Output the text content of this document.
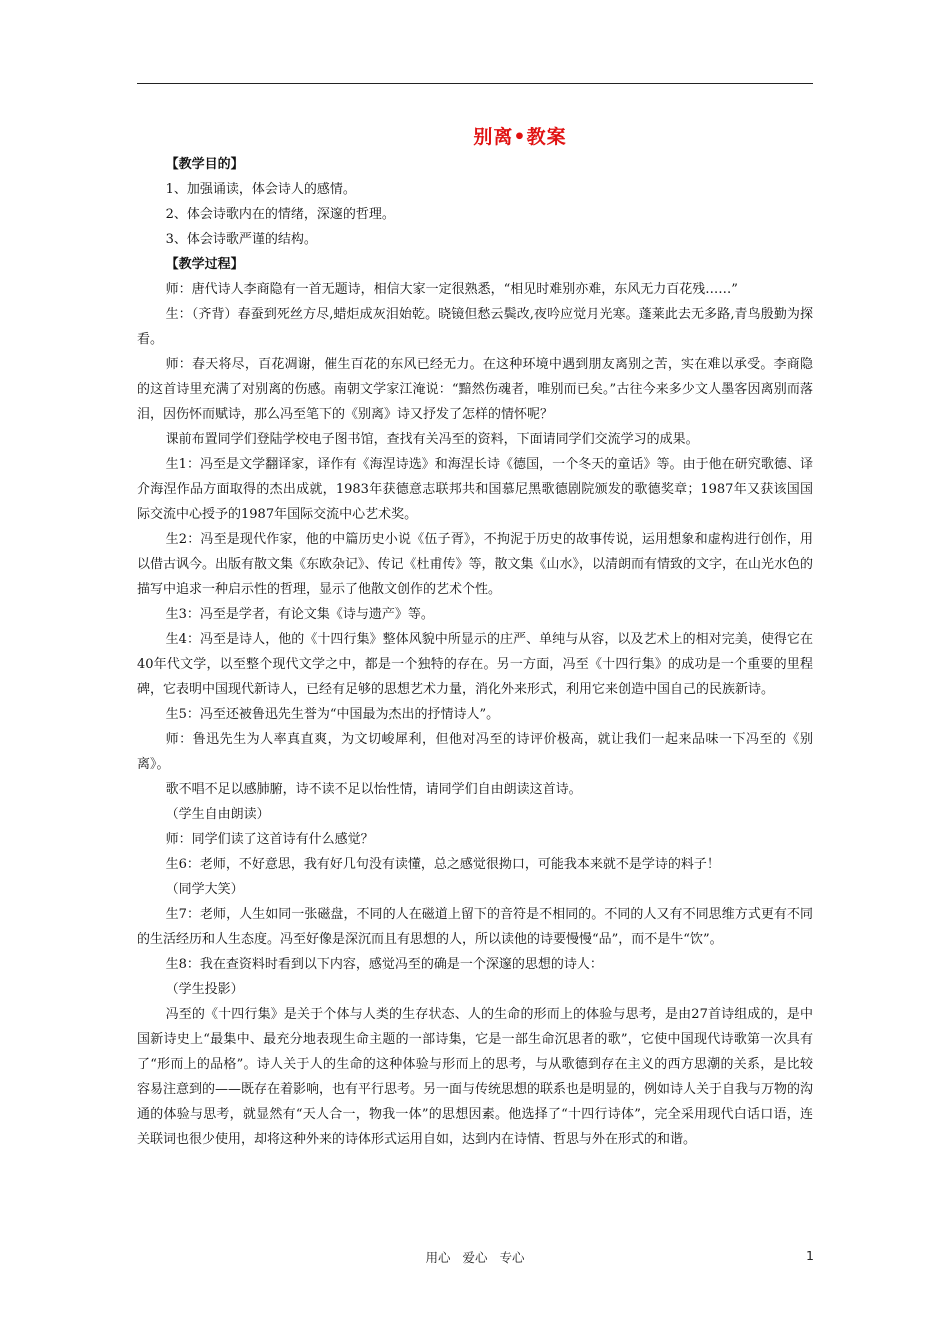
别离•教案

【教学目的】

1、加强诵读，体会诗人的感情。

2、体会诗歌内在的情绪，深邃的哲理。

3、体会诗歌严谨的结构。

【教学过程】

师：唐代诗人李商隐有一首无题诗，相信大家一定很熟悉，“相见时难别亦难，东风无力百花残……”

生：（齐背）春蚕到死丝方尽,蜡炬成灰泪始乾。晓镜但愁云鬓改,夜吟应觉月光寒。蓬莱此去无多路,青鸟殷勤为探看。

师：春天将尽，百花凋谢，催生百花的东风已经无力。在这种环境中遇到朋友离别之苦，实在难以承受。李商隐的这首诗里充满了对别离的伤感。南朝文学家江淹说：“黯然伤魂者，唯别而已矣。”古往今来多少文人墨客因离别而落泪，因伤怀而赋诗，那么冯至笔下的《别离》诗又抒发了怎样的情怀呢？

课前布置同学们登陆学校电子图书馆，查找有关冯至的资料，下面请同学们交流学习的成果。

生1：冯至是文学翻译家，译作有《海涅诗选》和海涅长诗《德国，一个冬天的童话》等。由于他在研究歌德、译介海涅作品方面取得的杰出成就，1983年获德意志联邦共和国慕尼黑歌德剧院颁发的歌德奖章；1987年又获该国国际交流中心授予的1987年国际交流中心艺术奖。

生2：冯至是现代作家，他的中篇历史小说《伍子胥》，不拘泥于历史的故事传说，运用想象和虚构进行创作，用以借古讽今。出版有散文集《东欧杂记》、传记《杜甫传》等，散文集《山水》，以清朗而有情致的文字，在山光水色的描写中追求一种启示性的哲理，显示了他散文创作的艺术个性。

生3：冯至是学者，有论文集《诗与遗产》等。

生4：冯至是诗人，他的《十四行集》整体风貌中所显示的庄严、单纯与从容，以及艺术上的相对完美，使得它在40年代文学，以至整个现代文学之中，都是一个独特的存在。另一方面，冯至《十四行集》的成功是一个重要的里程碑，它表明中国现代新诗人，已经有足够的思想艺术力量，消化外来形式，利用它来创造中国自己的民族新诗。

生5：冯至还被鲁迅先生誉为“中国最为杰出的抒情诗人”。

师：鲁迅先生为人率真直爽，为文切峻犀利，但他对冯至的诗评价极高，就让我们一起来品味一下冯至的《别离》。

歌不唱不足以感肺腑，诗不读不足以怡性情，请同学们自由朗读这首诗。

（学生自由朗读）

师：同学们读了这首诗有什么感觉？

生6：老师，不好意思，我有好几句没有读懂，总之感觉很拗口，可能我本来就不是学诗的料子！

（同学大笑）

生7：老师，人生如同一张磁盘，不同的人在磁道上留下的音符是不相同的。不同的人又有不同思维方式更有不同的生活经历和人生态度。冯至好像是深沉而且有思想的人，所以读他的诗要慢慢“品”，而不是牛“饮”。

生8：我在查资料时看到以下内容，感觉冯至的确是一个深邃的思想的诗人：

（学生投影）

冯至的《十四行集》是关于个体与人类的生存状态、人的生命的形而上的体验与思考，是由27首诗组成的，是中国新诗史上“最集中、最充分地表现生命主题的一部诗集，它是一部生命沉思者的歌”，它使中国现代诗歌第一次具有了“形而上的品格”。诗人关于人的生命的这种体验与形而上的思考，与从歌德到存在主义的西方思潮的关系，是比较容易注意到的——既存在着影响，也有平行思考。另一面与传统思想的联系也是明显的，例如诗人关于自我与万物的沟通的体验与思考，就显然有“天人合一，物我一体”的思想因素。他选择了“十四行诗体”，完全采用现代白话口语，连关联词也很少使用，却将这种外来的诗体形式运用自如，达到内在诗情、哲思与外在形式的和谐。

用心 爱心 专心	1
